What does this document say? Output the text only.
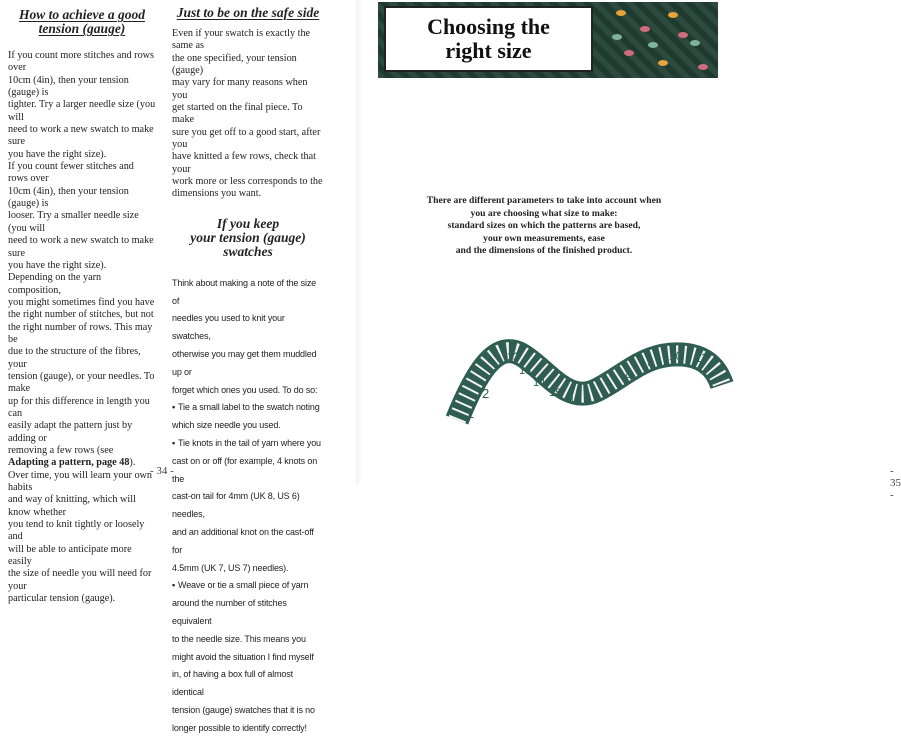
How to achieve a good tension (gauge)

If you count more stitches and rows over
10cm (4in), then your tension (gauge) is
tighter. Try a larger needle size (you will
need to work a new swatch to make sure
you have the right size).
If you count fewer stitches and rows over
10cm (4in), then your tension (gauge) is
looser. Try a smaller needle size (you will
need to work a new swatch to make sure
you have the right size).
Depending on the yarn composition,
you might sometimes find you have
the right number of stitches, but not
the right number of rows. This may be
due to the structure of the fibres, your
tension (gauge), or your needles. To make
up for this difference in length you can
easily adapt the pattern just by adding or
removing a few rows (see Adapting a pattern, page 48).
Over time, you will learn your own habits
and way of knitting, which will know whether
you tend to knit tightly or loosely and
will be able to anticipate more easily
the size of needle you will need for your
particular tension (gauge).

Just to be on the safe side

Even if your swatch is exactly the same as
the one specified, your tension (gauge)
may vary for many reasons when you
get started on the final piece. To make
sure you get off to a good start, after you
have knitted a few rows, check that your
work more or less corresponds to the
dimensions you want.

If you keep
your tension (gauge)
swatches

Think about making a note of the size of
needles you used to knit your swatches,
otherwise you may get them muddled up or
forget which ones you used. To do so:

• Tie a small label to the swatch noting
which size needle you used.

• Tie knots in the tail of yarn where you
cast on or off (for example, 4 knots on the
cast-on tail for 4mm (UK 8, US 6) needles,
and an additional knot on the cast-off for
4.5mm (UK 7, US 7) needles).

• Weave or tie a small piece of yarn
around the number of stitches equivalent
to the needle size. This means you
might avoid the situation I find myself
in, of having a box full of almost identical
tension (gauge) swatches that it is no
longer possible to identify correctly!

- 34 -
Choosing the
right size
There are different parameters to take into account when
you are choosing what size to make:
standard sizes on which the patterns are based,
your own measurements, ease
and the dimensions of the finished product.
1
2
12
13
14
15 16
8
9 10 11
- 35 -
